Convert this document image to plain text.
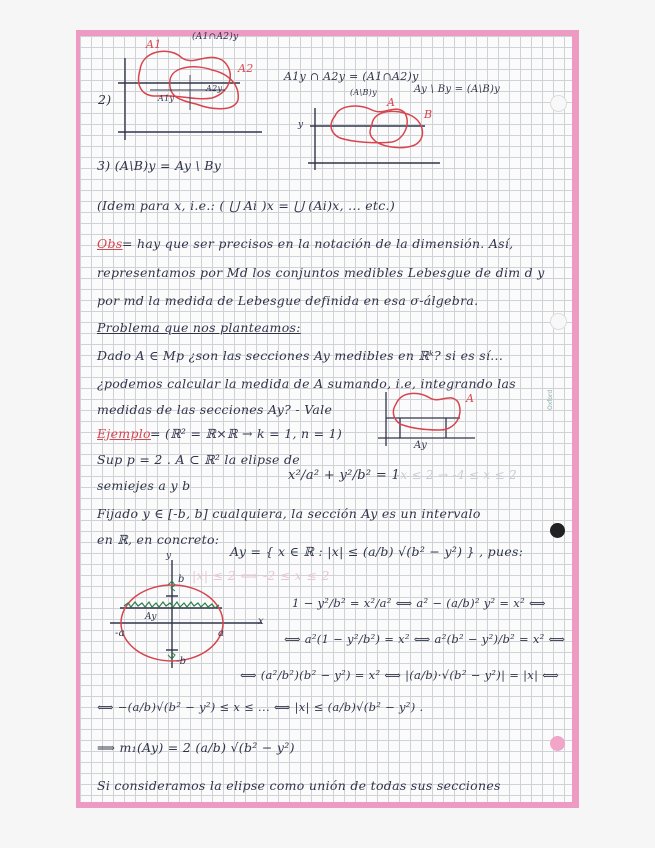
Oxford
A1
(A1∩A2)y
A2
A1y
A2y
2)
A1y ∩ A2y = (A1∩A2)y
(A\B)y	Ay \ By = (A\B)y
A
B
y
3) (A\B)y = Ay \ By
(Idem para x, i.e.: ( ⋃ Ai )x = ⋃ (Ai)x, ... etc.)
Obs = hay que ser precisos en la notación de la dimensión. Así,
representamos por Md los conjuntos medibles Lebesgue de dim d y
por md la medida de Lebesgue definida en esa σ-álgebra.
Problema que nos planteamos:
Dado A ∈ Mp ¿son las secciones Ay medibles en ℝᵏ? si es sí...
¿podemos calcular la medida de A sumando, i.e, integrando las
medidas de las secciones Ay? - Vale
A
Ay
Ejemplo = (ℝ² = ℝ×ℝ → k = 1, n = 1)
Sup p = 2 . A ⊂ ℝ² la elipse de
semiejes a y b
x²/a² + y²/b² = 1
-x ≤ 2 → -4 ≤ x ≤ 2
Fijado y ∈ [-b, b] cualquiera, la sección Ay es un intervalo
en ℝ, en concreto:
Ay = { x ∈ ℝ : |x| ≤ (a/b) √(b² − y²) } , pues:
|x| ≤ 2 ⟺ -2 ≤ x ≤ 2
y
b
-a	a
Ay	x
-b
1 − y²/b² = x²/a² ⟺ a² − (a/b)² y² = x² ⟺
⟺ a²(1 − y²/b²) = x² ⟺ a²(b² − y²)/b² = x² ⟺
⟺ (a²/b²)(b² − y²) = x² ⟺ |(a/b)·√(b² − y²)| = |x| ⟺
⟺ −(a/b)√(b² − y²) ≤ x ≤ ... ⟺ |x| ≤ (a/b)√(b² − y²) .
⟹ m₁(Ay) = 2 (a/b) √(b² − y²)
Si consideramos la elipse como unión de todas sus secciones
